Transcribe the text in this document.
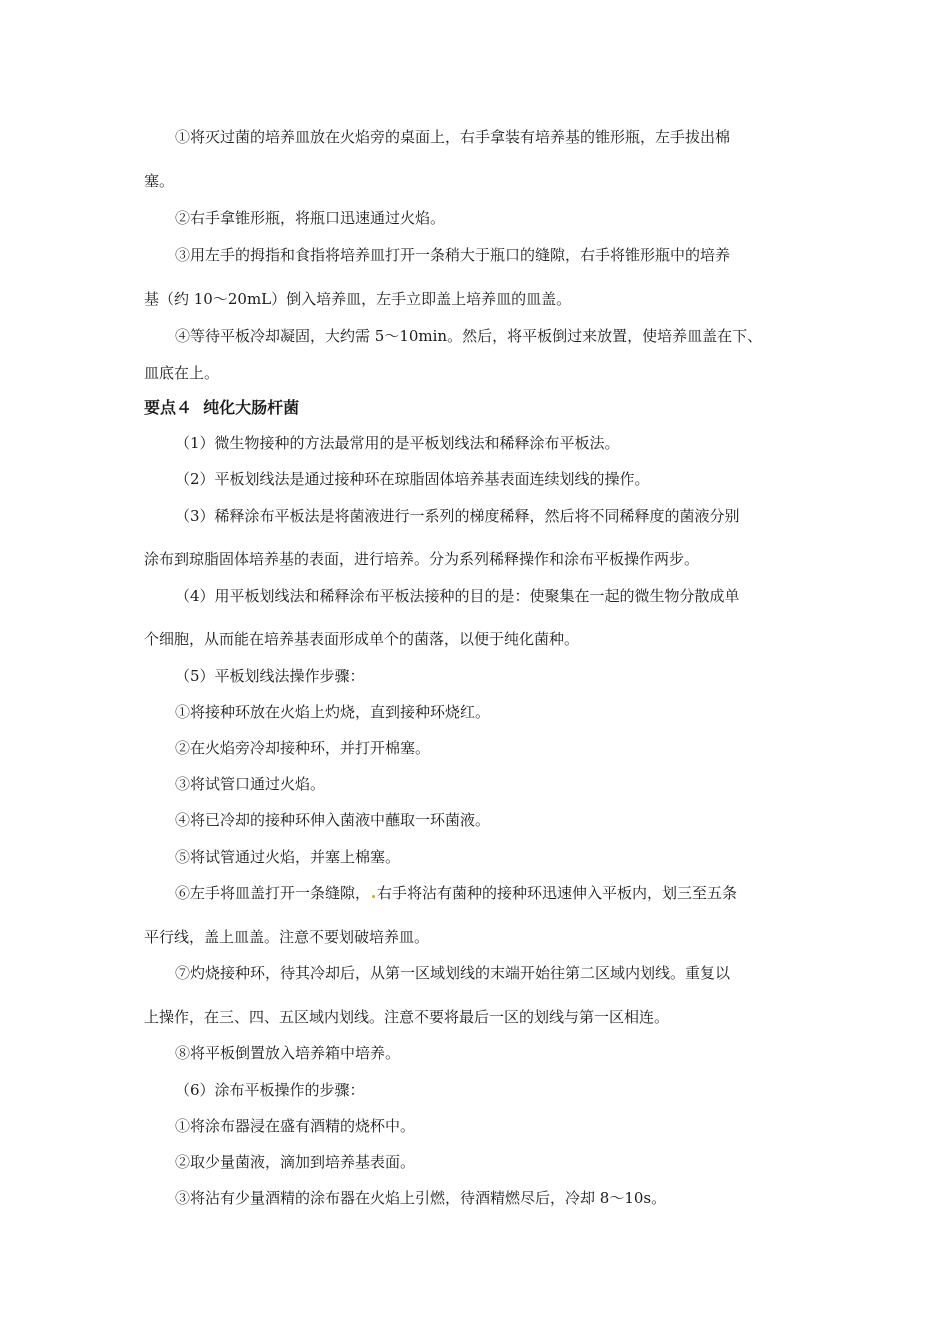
①将灭过菌的培养皿放在火焰旁的桌面上，右手拿装有培养基的锥形瓶，左手拔出棉

塞。

②右手拿锥形瓶，将瓶口迅速通过火焰。

③用左手的拇指和食指将培养皿打开一条稍大于瓶口的缝隙，右手将锥形瓶中的培养

基（约 10～20mL）倒入培养皿，左手立即盖上培养皿的皿盖。

④等待平板冷却凝固，大约需 5～10min。然后，将平板倒过来放置，使培养皿盖在下、

皿底在上。

要点４  纯化大肠杆菌

（1）微生物接种的方法最常用的是平板划线法和稀释涂布平板法。

（2）平板划线法是通过接种环在琼脂固体培养基表面连续划线的操作。

（3）稀释涂布平板法是将菌液进行一系列的梯度稀释，然后将不同稀释度的菌液分别

涂布到琼脂固体培养基的表面，进行培养。分为系列稀释操作和涂布平板操作两步。

（4）用平板划线法和稀释涂布平板法接种的目的是：使聚集在一起的微生物分散成单

个细胞，从而能在培养基表面形成单个的菌落，以便于纯化菌种。

（5）平板划线法操作步骤：

①将接种环放在火焰上灼烧，直到接种环烧红。

②在火焰旁冷却接种环，并打开棉塞。

③将试管口通过火焰。

④将已冷却的接种环伸入菌液中蘸取一环菌液。

⑤将试管通过火焰，并塞上棉塞。

⑥左手将皿盖打开一条缝隙， 右手将沾有菌种的接种环迅速伸入平板内，划三至五条

平行线，盖上皿盖。注意不要划破培养皿。

⑦灼烧接种环，待其冷却后，从第一区域划线的末端开始往第二区域内划线。重复以

上操作，在三、四、五区域内划线。注意不要将最后一区的划线与第一区相连。

⑧将平板倒置放入培养箱中培养。

（6）涂布平板操作的步骤：

①将涂布器浸在盛有酒精的烧杯中。

②取少量菌液，滴加到培养基表面。

③将沾有少量酒精的涂布器在火焰上引燃，待酒精燃尽后，冷却 8～10s。
